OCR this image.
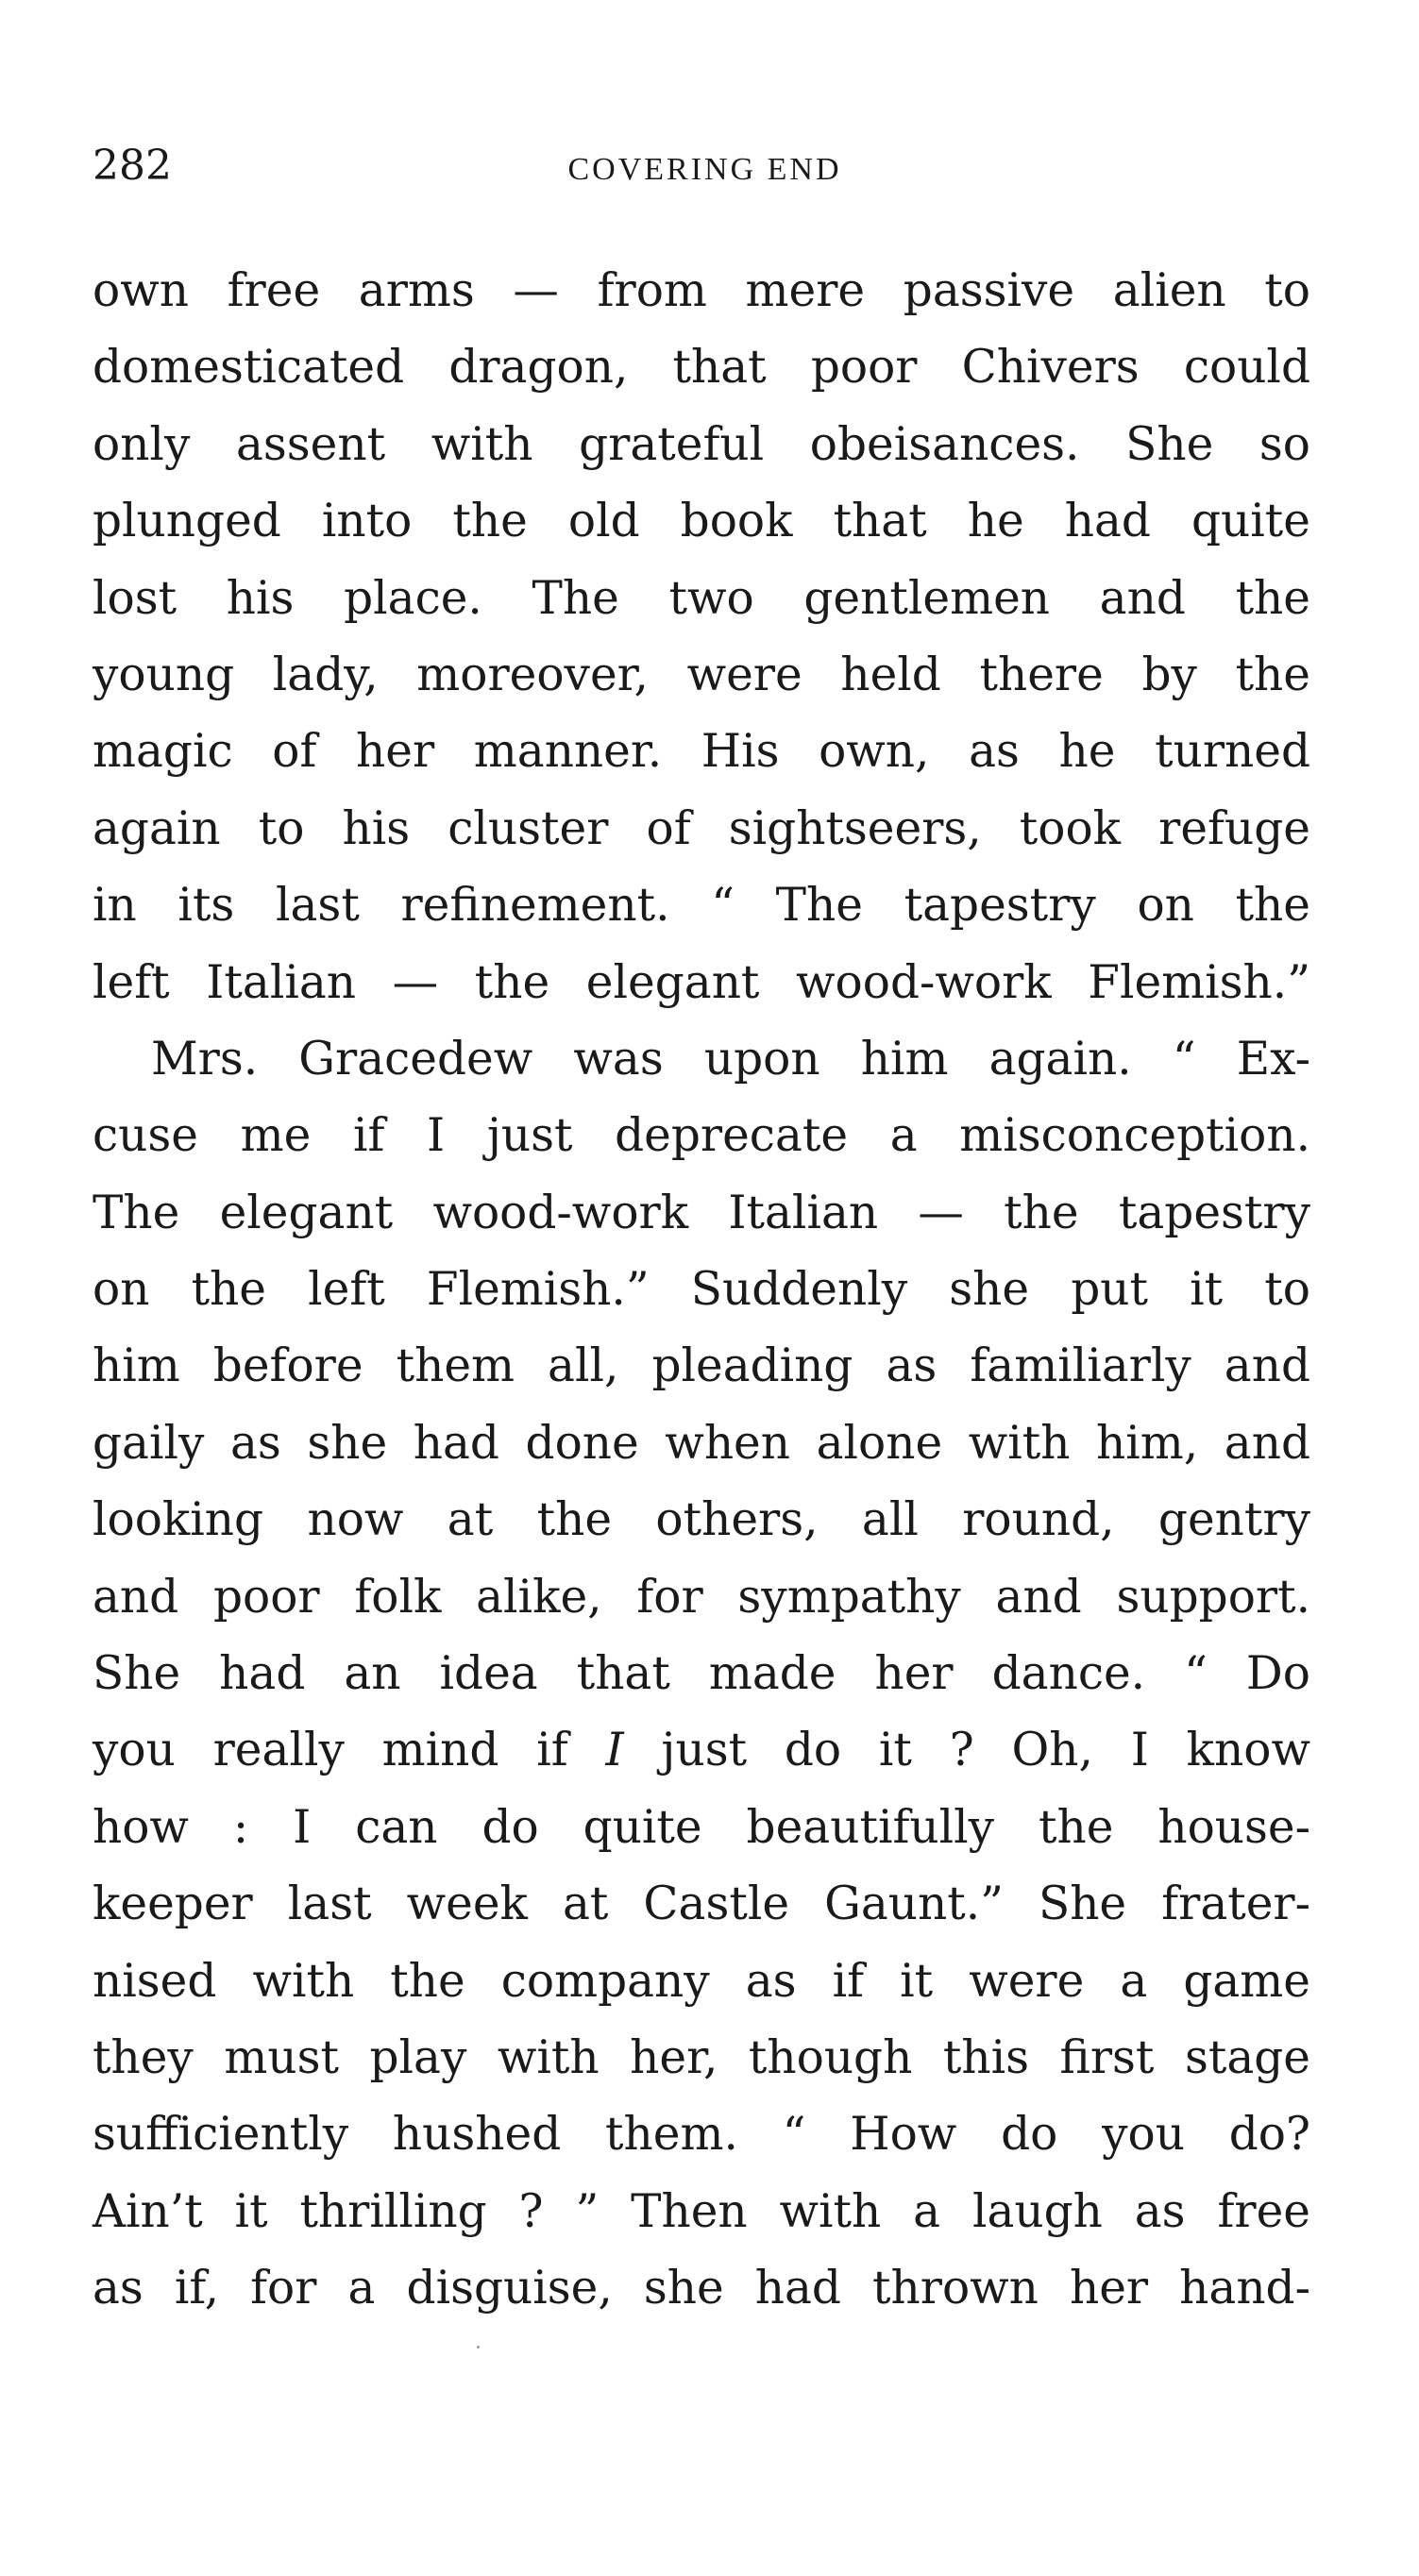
282	COVERING END
own free arms — from mere passive alien to
domesticated dragon, that poor Chivers could
only assent with grateful obeisances. She so
plunged into the old book that he had quite
lost his place. The two gentlemen and the
young lady, moreover, were held there by the
magic of her manner. His own, as he turned
again to his cluster of sightseers, took refuge
in its last refinement. “ The tapestry on the
left Italian — the elegant wood-work Flemish.”
Mrs. Gracedew was upon him again. “ Ex-
cuse me if I just deprecate a misconception.
The elegant wood-work Italian — the tapestry
on the left Flemish.” Suddenly she put it to
him before them all, pleading as familiarly and
gaily as she had done when alone with him, and
looking now at the others, all round, gentry
and poor folk alike, for sympathy and support.
She had an idea that made her dance. “ Do
you really mind if I just do it ? Oh, I know
how : I can do quite beautifully the house-
keeper last week at Castle Gaunt.” She frater-
nised with the company as if it were a game
they must play with her, though this first stage
sufficiently hushed them. “ How do you do?
Ain’t it thrilling ? ” Then with a laugh as free
as if, for a disguise, she had thrown her hand-
